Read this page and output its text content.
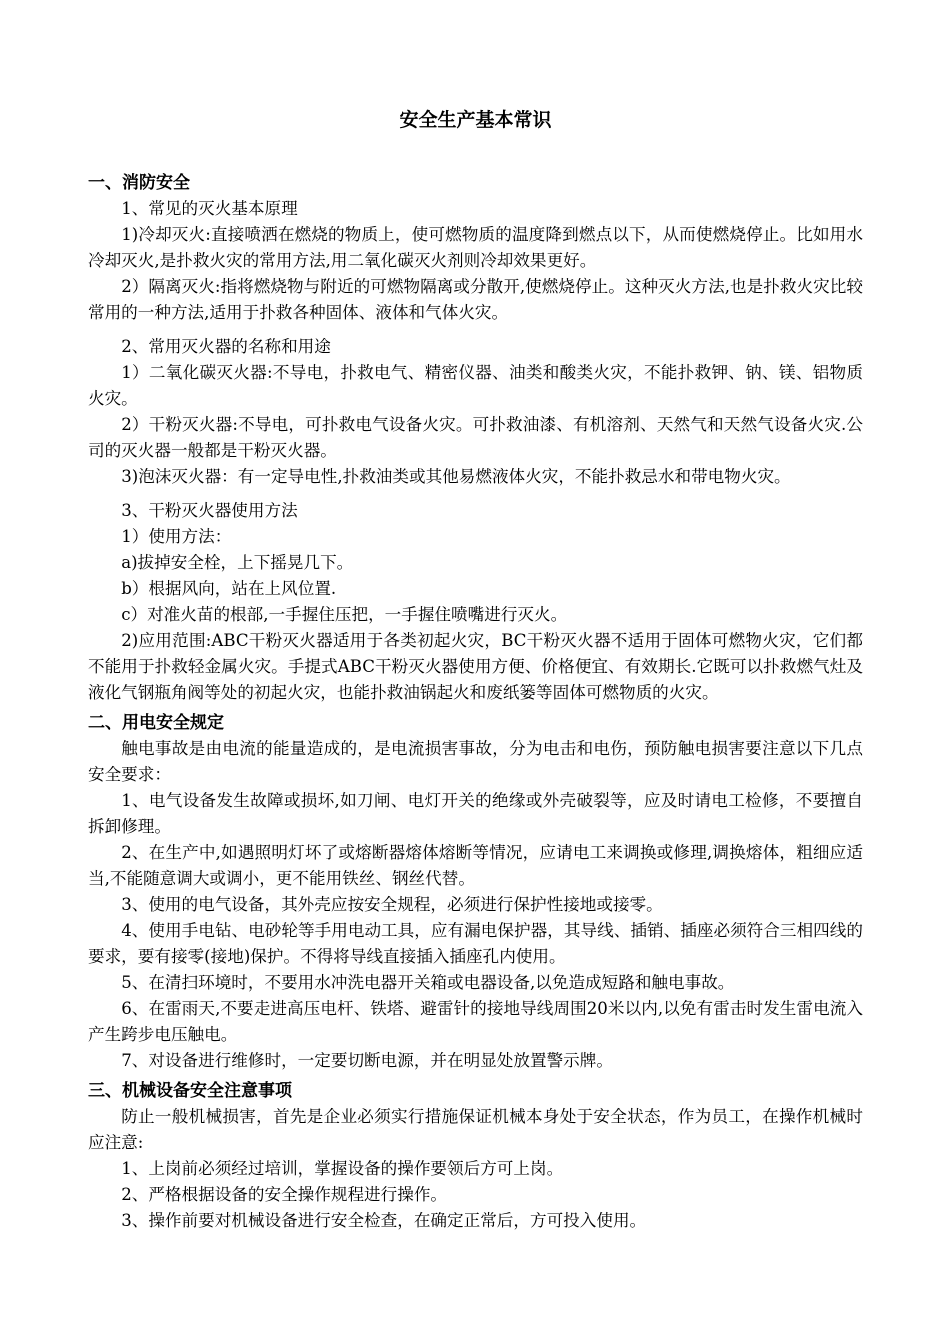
安全生产基本常识
一、消防安全

1、常见的灭火基本原理

1)冷却灭火:直接喷洒在燃烧的物质上，使可燃物质的温度降到燃点以下，从而使燃烧停止。比如用水冷却灭火,是扑救火灾的常用方法,用二氧化碳灭火剂则冷却效果更好。

2）隔离灭火:指将燃烧物与附近的可燃物隔离或分散开,使燃烧停止。这种灭火方法,也是扑救火灾比较常用的一种方法,适用于扑救各种固体、液体和气体火灾。

2、常用灭火器的名称和用途

1）二氧化碳灭火器:不导电，扑救电气、精密仪器、油类和酸类火灾，不能扑救钾、钠、镁、铝物质火灾。

2）干粉灭火器:不导电，可扑救电气设备火灾。可扑救油漆、有机溶剂、天然气和天然气设备火灾.公司的灭火器一般都是干粉灭火器。

3)泡沫灭火器：有一定导电性,扑救油类或其他易燃液体火灾，不能扑救忌水和带电物火灾。

3、干粉灭火器使用方法

1）使用方法：

a)拔掉安全栓，上下摇晃几下。

b）根据风向，站在上风位置.

c）对准火苗的根部,一手握住压把，一手握住喷嘴进行灭火。

2)应用范围:ABC干粉灭火器适用于各类初起火灾，BC干粉灭火器不适用于固体可燃物火灾，它们都不能用于扑救轻金属火灾。手提式ABC干粉灭火器使用方便、价格便宜、有效期长.它既可以扑救燃气灶及液化气钢瓶角阀等处的初起火灾，也能扑救油锅起火和废纸篓等固体可燃物质的火灾。

二、用电安全规定

触电事故是由电流的能量造成的，是电流损害事故，分为电击和电伤，预防触电损害要注意以下几点安全要求：

1、电气设备发生故障或损坏,如刀闸、电灯开关的绝缘或外壳破裂等，应及时请电工检修，不要擅自拆卸修理。

2、在生产中,如遇照明灯坏了或熔断器熔体熔断等情况，应请电工来调换或修理,调换熔体，粗细应适当,不能随意调大或调小，更不能用铁丝、钢丝代替。

3、使用的电气设备，其外壳应按安全规程，必须进行保护性接地或接零。

4、使用手电钻、电砂轮等手用电动工具，应有漏电保护器，其导线、插销、插座必须符合三相四线的要求，要有接零(接地)保护。不得将导线直接插入插座孔内使用。

5、在清扫环境时，不要用水冲洗电器开关箱或电器设备,以免造成短路和触电事故。

6、在雷雨天,不要走进高压电杆、铁塔、避雷针的接地导线周围20米以内,以免有雷击时发生雷电流入产生跨步电压触电。

7、对设备进行维修时，一定要切断电源，并在明显处放置警示牌。

三、机械设备安全注意事项

防止一般机械损害，首先是企业必须实行措施保证机械本身处于安全状态，作为员工，在操作机械时应注意:

1、上岗前必须经过培训，掌握设备的操作要领后方可上岗。

2、严格根据设备的安全操作规程进行操作。

3、操作前要对机械设备进行安全检查，在确定正常后，方可投入使用。
